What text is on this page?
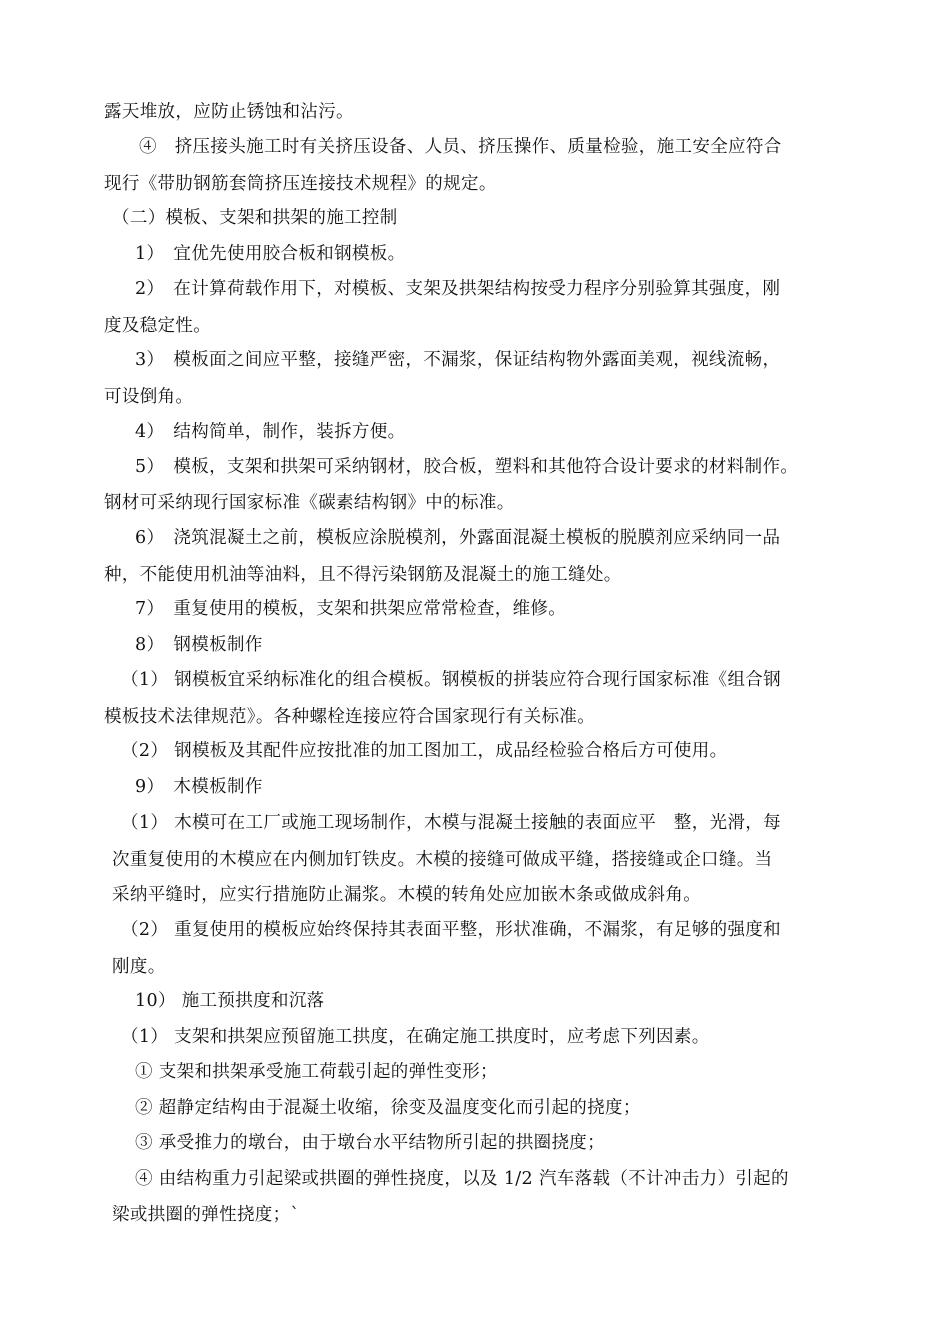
露天堆放，应防止锈蚀和沾污。
④　挤压接头施工时有关挤压设备、人员、挤压操作、质量检验，施工安全应符合
现行《带肋钢筋套筒挤压连接技术规程》的规定。
（二）模板、支架和拱架的施工控制
1）　宜优先使用胶合板和钢模板。
2）　在计算荷载作用下，对模板、支架及拱架结构按受力程序分别验算其强度，刚
度及稳定性。
3）　模板面之间应平整，接缝严密，不漏浆，保证结构物外露面美观，视线流畅，
可设倒角。
4）　结构简单，制作，装拆方便。
5）　模板，支架和拱架可采纳钢材，胶合板，塑料和其他符合设计要求的材料制作。
钢材可采纳现行国家标准《碳素结构钢》中的标准。
6）　浇筑混凝土之前，模板应涂脱模剂，外露面混凝土模板的脱膜剂应采纳同一品
种，不能使用机油等油料，且不得污染钢筋及混凝土的施工缝处。
7）　重复使用的模板，支架和拱架应常常检查，维修。
8）　钢模板制作
（1） 钢模板宜采纳标准化的组合模板。钢模板的拼装应符合现行国家标准《组合钢
模板技术法律规范》。各种螺栓连接应符合国家现行有关标准。
（2） 钢模板及其配件应按批准的加工图加工，成品经检验合格后方可使用。
9）　木模板制作
（1） 木模可在工厂或施工现场制作，木模与混凝土接触的表面应平　整，光滑，每
次重复使用的木模应在内侧加钉铁皮。木模的接缝可做成平缝，搭接缝或企口缝。当
采纳平缝时，应实行措施防止漏浆。木模的转角处应加嵌木条或做成斜角。
（2） 重复使用的模板应始终保持其表面平整，形状准确，不漏浆，有足够的强度和
刚度。
10） 施工预拱度和沉落
（1） 支架和拱架应预留施工拱度，在确定施工拱度时，应考虑下列因素。
① 支架和拱架承受施工荷载引起的弹性变形；
② 超静定结构由于混凝土收缩，徐变及温度变化而引起的挠度；
③ 承受推力的墩台，由于墩台水平结物所引起的拱圈挠度；
④ 由结构重力引起梁或拱圈的弹性挠度，以及 1/2 汽车落载（不计冲击力）引起的
梁或拱圈的弹性挠度；`
